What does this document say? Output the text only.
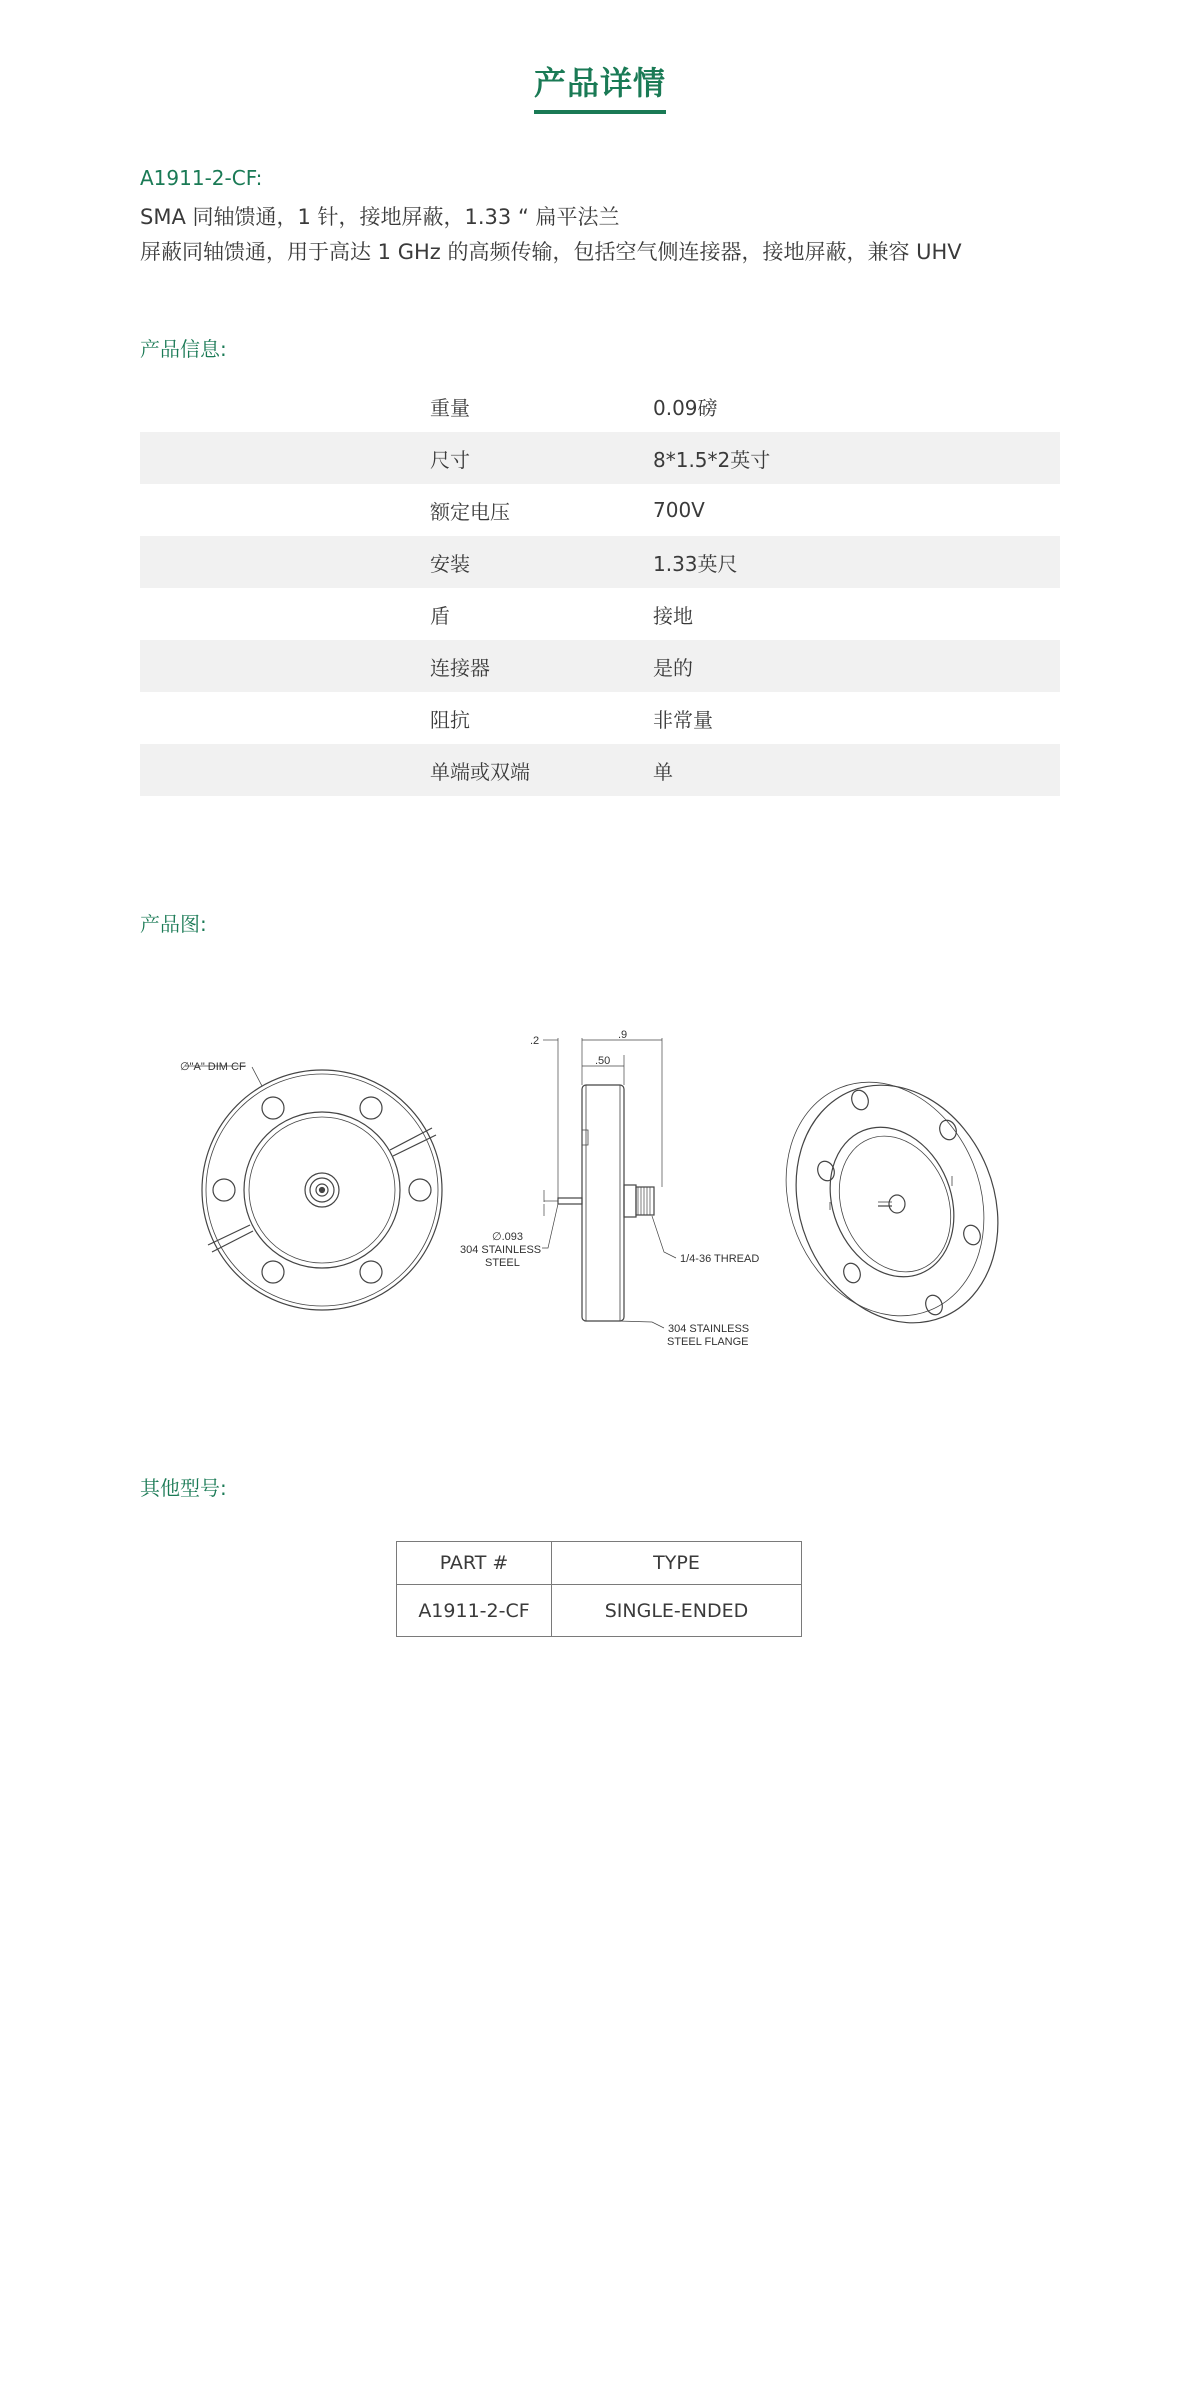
产品详情
A1911-2-CF:
SMA 同轴馈通，1 针，接地屏蔽，1.33 “ 扁平法兰
屏蔽同轴馈通，用于高达 1 GHz 的高频传输，包括空气侧连接器，接地屏蔽，兼容 UHV
产品信息:
重量	0.09磅
尺寸	8*1.5*2英寸
额定电压	700V
安装	1.33英尺
盾	接地
连接器	是的
阻抗	非常量
单端或双端	单
产品图:
∅"A" DIM CF
.2	.9
.50
∅.093
304 STAINLESS
STEEL	1/4-36 THREAD
304 STAINLESS
STEEL FLANGE
其他型号:
PART #	TYPE
A1911-2-CF	SINGLE-ENDED
